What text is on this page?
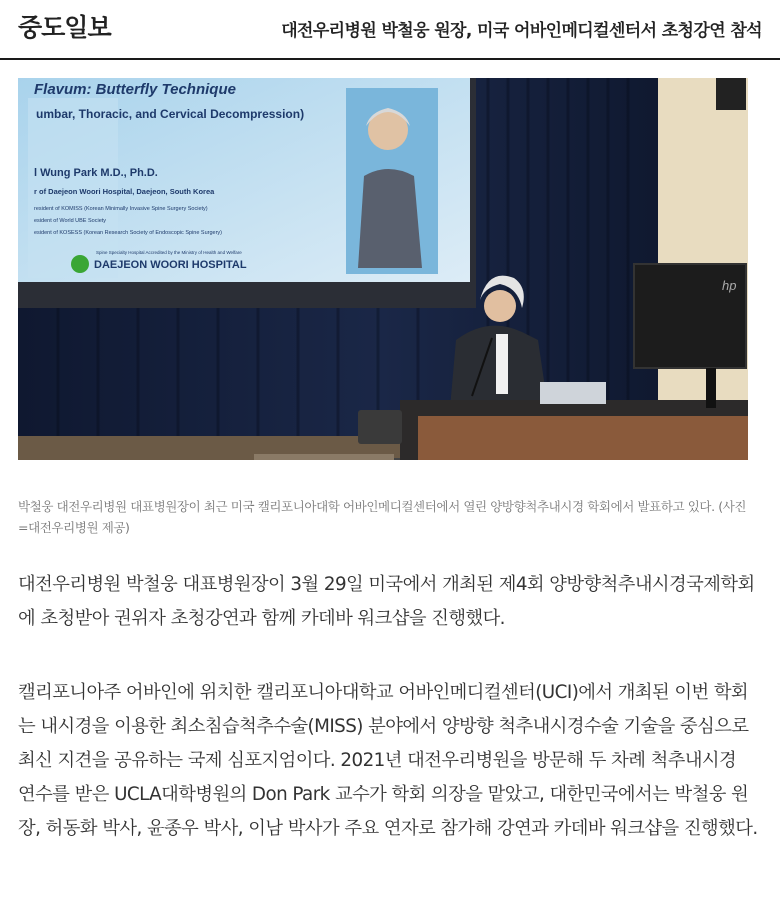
중도일보	대전우리병원 박철웅 원장, 미국 어바인메디컬센터서 초청강연 참석
Flavum: Butterfly Technique
umbar, Thoracic, and Cervical Decompression)
l Wung Park M.D., Ph.D.
r of Daejeon Woori Hospital, Daejeon, South Korea
resident of KOMISS (Korean Minimally Invasive Spine Surgery Society)
esident of World UBE Society
esident of KOSESS (Korean Research Society of Endoscopic Spine Surgery)
Spine Specialty Hospital Accredited by the Ministry of Health and Welfare
DAEJEON WOORI HOSPITAL
hp
박철웅 대전우리병원 대표병원장이 최근 미국 캘리포니아대학 어바인메디컬센터에서 열린 양방향척추내시경 학회에서 발표하고 있다. (사진=대전우리병원 제공)

대전우리병원 박철웅 대표병원장이 3월 29일 미국에서 개최된 제4회 양방향척추내시경국제학회에 초청받아 권위자 초청강연과 함께 카데바 워크샵을 진행했다.

캘리포니아주 어바인에 위치한 캘리포니아대학교 어바인메디컬센터(UCI)에서 개최된 이번 학회는 내시경을 이용한 최소침습척추수술(MISS) 분야에서 양방향 척추내시경수술 기술을 중심으로 최신 지견을 공유하는 국제 심포지엄이다. 2021년 대전우리병원을 방문해 두 차례 척추내시경 연수를 받은 UCLA대학병원의 Don Park 교수가 학회 의장을 맡았고, 대한민국에서는 박철웅 원장, 허동화 박사, 윤종우 박사, 이남 박사가 주요 연자로 참가해 강연과 카데바 워크샵을 진행했다.
